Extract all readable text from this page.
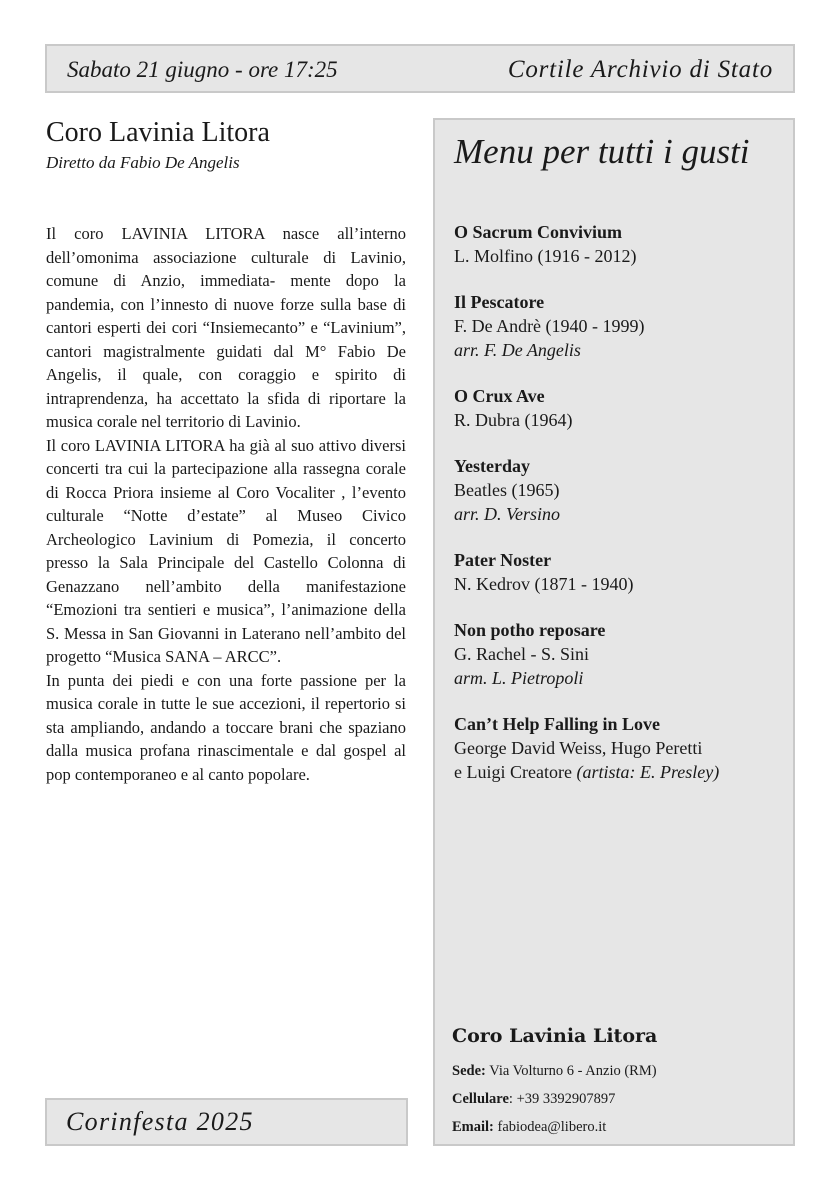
Sabato 21 giugno - ore 17:25	Cortile Archivio di Stato
Coro Lavinia Litora
Diretto da Fabio De Angelis

Il coro LAVINIA LITORA nasce all’interno dell’omonima associazione culturale di Lavinio, comune di Anzio, immediata- mente dopo la pandemia, con l’innesto di nuove forze sulla base di cantori esperti dei cori “Insiemecanto” e “Lavinium”, cantori magistralmente guidati dal M° Fabio De Angelis, il quale, con coraggio e spirito di intraprendenza, ha accettato la sfida di riportare la musica corale nel territorio di Lavinio.

Il coro LAVINIA LITORA ha già al suo attivo diversi concerti tra cui la partecipazione alla rassegna corale di Rocca Priora insieme al Coro Vocaliter , l’evento culturale “Notte d’estate” al Museo Civico Archeologico Lavinium di Pomezia, il concerto presso la Sala Principale del Castello Colonna di Genazzano nell’ambito della manifestazione “Emozioni tra sentieri e musica”, l’animazione della S. Messa in San Giovanni in Laterano nell’ambito del progetto “Musica SANA – ARCC”.

In punta dei piedi e con una forte passione per la musica corale in tutte le sue accezioni, il repertorio si sta ampliando, andando a toccare brani che spaziano dalla musica profana rinascimentale e dal gospel al pop contemporaneo e al canto popolare.

Corinfesta 2025
Menu per tutti i gusti
O Sacrum Convivium
L. Molfino (1916 - 2012)
Il Pescatore
F. De Andrè (1940 - 1999)
arr. F. De Angelis
O Crux Ave
R. Dubra (1964)
Yesterday
Beatles (1965)
arr. D. Versino
Pater Noster
N. Kedrov (1871 - 1940)
Non potho reposare
G. Rachel - S. Sini
arm. L. Pietropoli
Can’t Help Falling in Love
George David Weiss, Hugo Peretti
e Luigi Creatore (artista: E. Presley)
Coro Lavinia Litora
Sede: Via Volturno 6 - Anzio (RM)
Cellulare: +39 3392907897
Email: fabiodea@libero.it
